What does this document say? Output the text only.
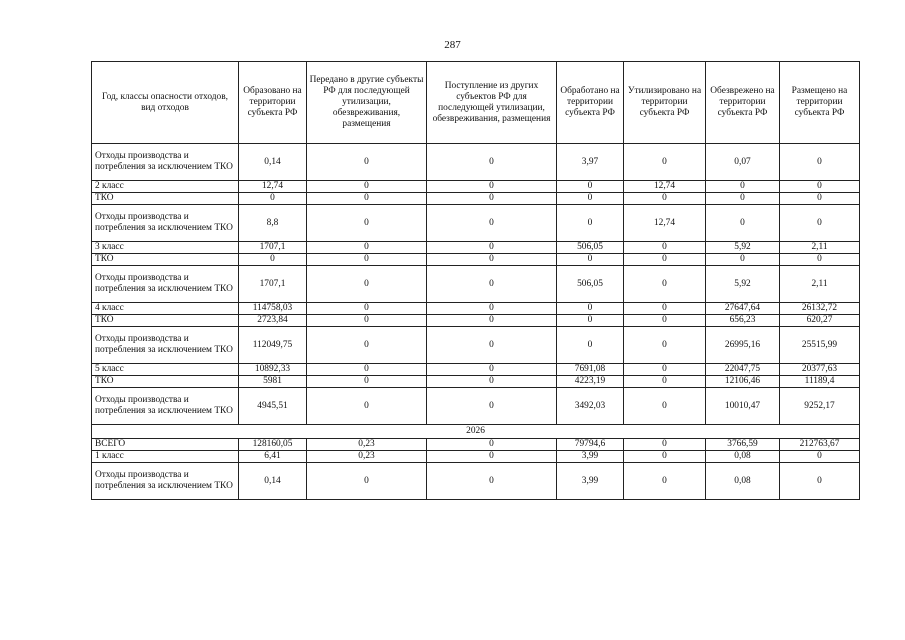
287
Год, классы опасности отходов, вид отходов	Образовано на территории субъекта РФ	Передано в другие субъекты РФ для последующей утилизации, обезвреживания, размещения	Поступление из других субъектов РФ для последующей утилизации, обезвреживания, размещения	Обработано на территории субъекта РФ	Утилизировано на территории субъекта РФ	Обезврежено на территории субъекта РФ	Размещено на территории субъекта РФ
Отходы производства и потребления за исключением ТКО	0,14	0	0	3,97	0	0,07	0
2 класс	12,74	0	0	0	12,74	0	0
ТКО	0	0	0	0	0	0	0
Отходы производства и потребления за исключением ТКО	8,8	0	0	0	12,74	0	0
3 класс	1707,1	0	0	506,05	0	5,92	2,11
ТКО	0	0	0	0	0	0	0
Отходы производства и потребления за исключением ТКО	1707,1	0	0	506,05	0	5,92	2,11
4 класс	114758,03	0	0	0	0	27647,64	26132,72
ТКО	2723,84	0	0	0	0	656,23	620,27
Отходы производства и потребления за исключением ТКО	112049,75	0	0	0	0	26995,16	25515,99
5 класс	10892,33	0	0	7691,08	0	22047,75	20377,63
ТКО	5981	0	0	4223,19	0	12106,46	11189,4
Отходы производства и потребления за исключением ТКО	4945,51	0	0	3492,03	0	10010,47	9252,17
2026							
ВСЕГО	128160,05	0,23	0	79794,6	0	3766,59	212763,67
1 класс	6,41	0,23	0	3,99	0	0,08	0
Отходы производства и потребления за исключением ТКО	0,14	0	0	3,99	0	0,08	0
